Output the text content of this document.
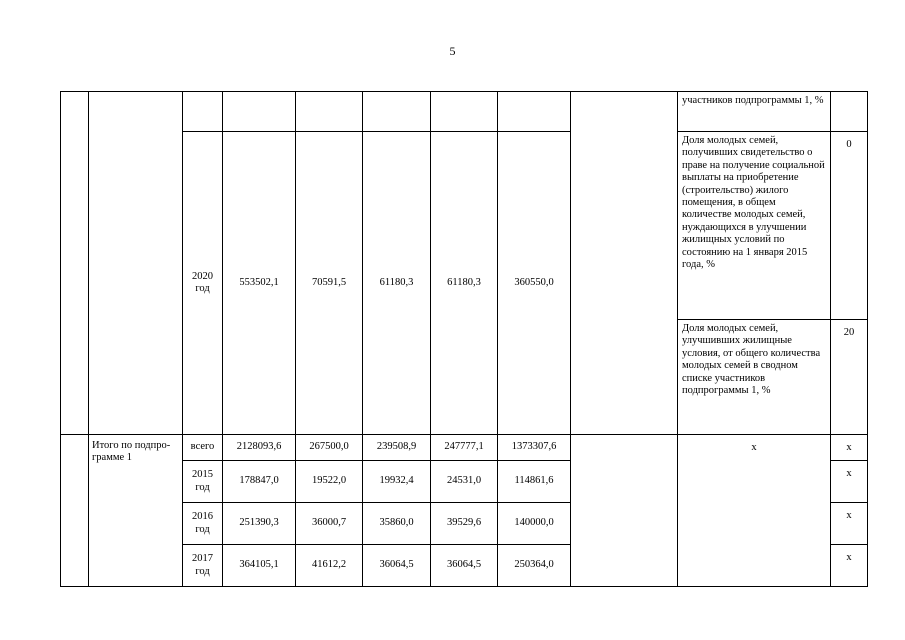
5
									участников подпрограммы 1, %	
		2020 год	553502,1	70591,5	61180,3	61180,3	360550,0		Доля молодых семей, получивших свидетельство о праве на получение социальной выплаты на приобретение (строительство) жилого помещения, в общем количестве молодых семей, нуждающихся в улучшении жилищных условий по состоянию на 1 января 2015 года, %	0
									Доля молодых семей, улучшивших жилищные условия, от общего количества молодых семей в сводном списке участников подпрограммы 1, %	20
	Итого по подпро-грамме 1	всего	2128093,6	267500,0	239508,9	247777,1	1373307,6		х	х
		2015 год	178847,0	19522,0	19932,4	24531,0	114861,6			х
		2016 год	251390,3	36000,7	35860,0	39529,6	140000,0			х
		2017 год	364105,1	41612,2	36064,5	36064,5	250364,0			х
